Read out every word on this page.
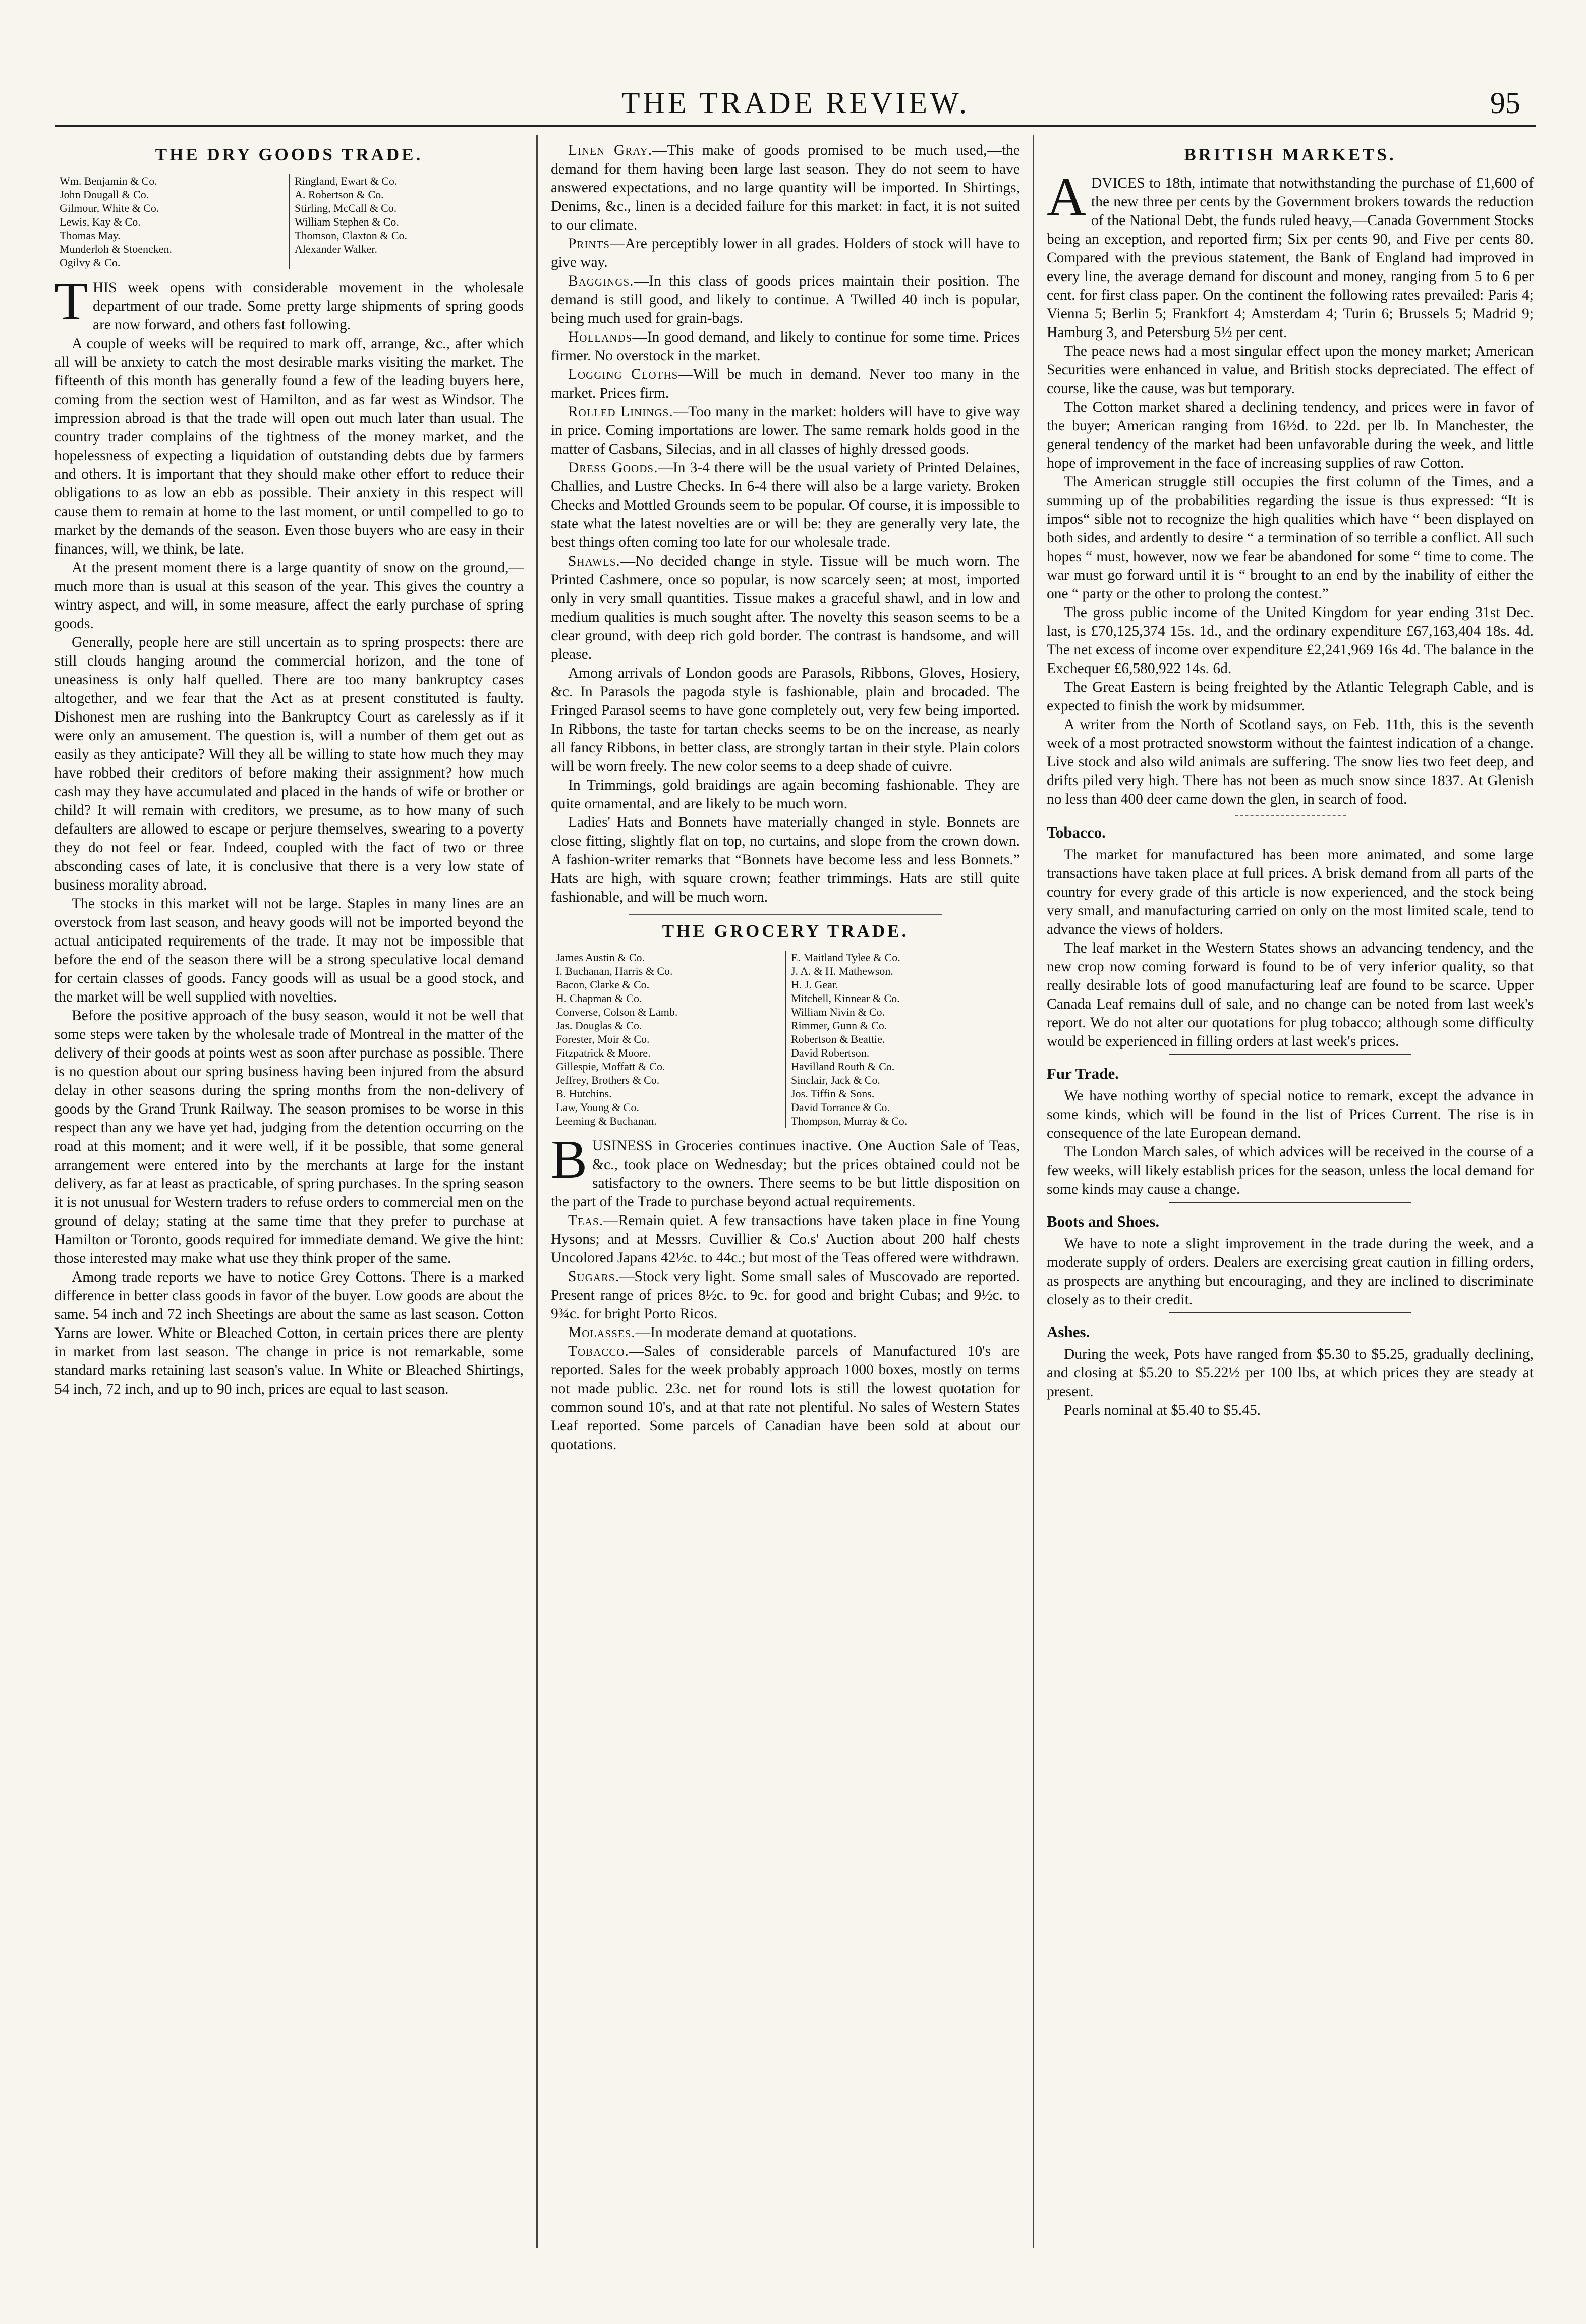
THE TRADE REVIEW.	95
THE DRY GOODS TRADE.
Wm. Benjamin & Co.
John Dougall & Co.
Gilmour, White & Co.
Lewis, Kay & Co.
Thomas May.
Munderloh & Stoencken.
Ogilvy & Co.
Ringland, Ewart & Co.
A. Robertson & Co.
Stirling, McCall & Co.
William Stephen & Co.
Thomson, Claxton & Co.
Alexander Walker.

THIS week opens with considerable movement in the wholesale department of our trade. Some pretty large shipments of spring goods are now forward, and others fast following.

A couple of weeks will be required to mark off, arrange, &c., after which all will be anxiety to catch the most desirable marks visiting the market. The fifteenth of this month has generally found a few of the leading buyers here, coming from the section west of Hamilton, and as far west as Windsor. The impression abroad is that the trade will open out much later than usual. The country trader complains of the tightness of the money market, and the hopelessness of expecting a liquidation of outstanding debts due by farmers and others. It is important that they should make other effort to reduce their obligations to as low an ebb as possible. Their anxiety in this respect will cause them to remain at home to the last moment, or until compelled to go to market by the demands of the season. Even those buyers who are easy in their finances, will, we think, be late.

At the present moment there is a large quantity of snow on the ground,—much more than is usual at this season of the year. This gives the country a wintry aspect, and will, in some measure, affect the early purchase of spring goods.

Generally, people here are still uncertain as to spring prospects: there are still clouds hanging around the commercial horizon, and the tone of uneasiness is only half quelled. There are too many bankruptcy cases altogether, and we fear that the Act as at present constituted is faulty. Dishonest men are rushing into the Bankruptcy Court as carelessly as if it were only an amusement. The question is, will a number of them get out as easily as they anticipate? Will they all be willing to state how much they may have robbed their creditors of before making their assignment? how much cash may they have accumulated and placed in the hands of wife or brother or child? It will remain with creditors, we presume, as to how many of such defaulters are allowed to escape or perjure themselves, swearing to a poverty they do not feel or fear. Indeed, coupled with the fact of two or three absconding cases of late, it is conclusive that there is a very low state of business morality abroad.

The stocks in this market will not be large. Staples in many lines are an overstock from last season, and heavy goods will not be imported beyond the actual anticipated requirements of the trade. It may not be impossible that before the end of the season there will be a strong speculative local demand for certain classes of goods. Fancy goods will as usual be a good stock, and the market will be well supplied with novelties.

Before the positive approach of the busy season, would it not be well that some steps were taken by the wholesale trade of Montreal in the matter of the delivery of their goods at points west as soon after purchase as possible. There is no question about our spring business having been injured from the absurd delay in other seasons during the spring months from the non-delivery of goods by the Grand Trunk Railway. The season promises to be worse in this respect than any we have yet had, judging from the detention occurring on the road at this moment; and it were well, if it be possible, that some general arrangement were entered into by the merchants at large for the instant delivery, as far at least as practicable, of spring purchases. In the spring season it is not unusual for Western traders to refuse orders to commercial men on the ground of delay; stating at the same time that they prefer to purchase at Hamilton or Toronto, goods required for immediate demand. We give the hint: those interested may make what use they think proper of the same.

Among trade reports we have to notice Grey Cottons. There is a marked difference in better class goods in favor of the buyer. Low goods are about the same. 54 inch and 72 inch Sheetings are about the same as last season. Cotton Yarns are lower. White or Bleached Cotton, in certain prices there are plenty in market from last season. The change in price is not remarkable, some standard marks retaining last season's value. In White or Bleached Shirtings, 54 inch, 72 inch, and up to 90 inch, prices are equal to last season.

Linen Gray.—This make of goods promised to be much used,—the demand for them having been large last season. They do not seem to have answered expectations, and no large quantity will be imported. In Shirtings, Denims, &c., linen is a decided failure for this market: in fact, it is not suited to our climate.

Prints—Are perceptibly lower in all grades. Holders of stock will have to give way.

Baggings.—In this class of goods prices maintain their position. The demand is still good, and likely to continue. A Twilled 40 inch is popular, being much used for grain-bags.

Hollands—In good demand, and likely to continue for some time. Prices firmer. No overstock in the market.

Logging Cloths—Will be much in demand. Never too many in the market. Prices firm.

Rolled Linings.—Too many in the market: holders will have to give way in price. Coming importations are lower. The same remark holds good in the matter of Casbans, Silecias, and in all classes of highly dressed goods.

Dress Goods.—In 3-4 there will be the usual variety of Printed Delaines, Challies, and Lustre Checks. In 6-4 there will also be a large variety. Broken Checks and Mottled Grounds seem to be popular. Of course, it is impossible to state what the latest novelties are or will be: they are generally very late, the best things often coming too late for our wholesale trade.

Shawls.—No decided change in style. Tissue will be much worn. The Printed Cashmere, once so popular, is now scarcely seen; at most, imported only in very small quantities. Tissue makes a graceful shawl, and in low and medium qualities is much sought after. The novelty this season seems to be a clear ground, with deep rich gold border. The contrast is handsome, and will please.

Among arrivals of London goods are Parasols, Ribbons, Gloves, Hosiery, &c. In Parasols the pagoda style is fashionable, plain and brocaded. The Fringed Parasol seems to have gone completely out, very few being imported. In Ribbons, the taste for tartan checks seems to be on the increase, as nearly all fancy Ribbons, in better class, are strongly tartan in their style. Plain colors will be worn freely. The new color seems to a deep shade of cuivre.

In Trimmings, gold braidings are again becoming fashionable. They are quite ornamental, and are likely to be much worn.

Ladies' Hats and Bonnets have materially changed in style. Bonnets are close fitting, slightly flat on top, no curtains, and slope from the crown down. A fashion-writer remarks that “Bonnets have become less and less Bonnets.” Hats are high, with square crown; feather trimmings. Hats are still quite fashionable, and will be much worn.

THE GROCERY TRADE.
James Austin & Co.
I. Buchanan, Harris & Co.
Bacon, Clarke & Co.
H. Chapman & Co.
Converse, Colson & Lamb.
Jas. Douglas & Co.
Forester, Moir & Co.
Fitzpatrick & Moore.
Gillespie, Moffatt & Co.
Jeffrey, Brothers & Co.
B. Hutchins.
Law, Young & Co.
Leeming & Buchanan.
E. Maitland Tylee & Co.
J. A. & H. Mathewson.
H. J. Gear.
Mitchell, Kinnear & Co.
William Nivin & Co.
Rimmer, Gunn & Co.
Robertson & Beattie.
David Robertson.
Havilland Routh & Co.
Sinclair, Jack & Co.
Jos. Tiffin & Sons.
David Torrance & Co.
Thompson, Murray & Co.

BUSINESS in Groceries continues inactive. One Auction Sale of Teas, &c., took place on Wednesday; but the prices obtained could not be satisfactory to the owners. There seems to be but little disposition on the part of the Trade to purchase beyond actual requirements.

Teas.—Remain quiet. A few transactions have taken place in fine Young Hysons; and at Messrs. Cuvillier & Co.s' Auction about 200 half chests Uncolored Japans 42½c. to 44c.; but most of the Teas offered were withdrawn.

Sugars.—Stock very light. Some small sales of Muscovado are reported. Present range of prices 8½c. to 9c. for good and bright Cubas; and 9½c. to 9¾c. for bright Porto Ricos.

Molasses.—In moderate demand at quotations.

Tobacco.—Sales of considerable parcels of Manufactured 10's are reported. Sales for the week probably approach 1000 boxes, mostly on terms not made public. 23c. net for round lots is still the lowest quotation for common sound 10's, and at that rate not plentiful. No sales of Western States Leaf reported. Some parcels of Canadian have been sold at about our quotations.

BRITISH MARKETS.

ADVICES to 18th, intimate that notwithstanding the purchase of £1,600 of the new three per cents by the Government brokers towards the reduction of the National Debt, the funds ruled heavy,—Canada Government Stocks being an exception, and reported firm; Six per cents 90, and Five per cents 80. Compared with the previous statement, the Bank of England had improved in every line, the average demand for discount and money, ranging from 5 to 6 per cent. for first class paper. On the continent the following rates prevailed: Paris 4; Vienna 5; Berlin 5; Frankfort 4; Amsterdam 4; Turin 6; Brussels 5; Madrid 9; Hamburg 3, and Petersburg 5½ per cent.

The peace news had a most singular effect upon the money market; American Securities were enhanced in value, and British stocks depreciated. The effect of course, like the cause, was but temporary.

The Cotton market shared a declining tendency, and prices were in favor of the buyer; American ranging from 16½d. to 22d. per lb. In Manchester, the general tendency of the market had been unfavorable during the week, and little hope of improvement in the face of increasing supplies of raw Cotton.

The American struggle still occupies the first column of the Times, and a summing up of the probabilities regarding the issue is thus expressed: “It is impos“ sible not to recognize the high qualities which have “ been displayed on both sides, and ardently to desire “ a termination of so terrible a conflict. All such hopes “ must, however, now we fear be abandoned for some “ time to come. The war must go forward until it is “ brought to an end by the inability of either the one “ party or the other to prolong the contest.”

The gross public income of the United Kingdom for year ending 31st Dec. last, is £70,125,374 15s. 1d., and the ordinary expenditure £67,163,404 18s. 4d. The net excess of income over expenditure £2,241,969 16s 4d. The balance in the Exchequer £6,580,922 14s. 6d.

The Great Eastern is being freighted by the Atlantic Telegraph Cable, and is expected to finish the work by midsummer.

A writer from the North of Scotland says, on Feb. 11th, this is the seventh week of a most protracted snowstorm without the faintest indication of a change. Live stock and also wild animals are suffering. The snow lies two feet deep, and drifts piled very high. There has not been as much snow since 1837. At Glenish no less than 400 deer came down the glen, in search of food.

Tobacco.

The market for manufactured has been more animated, and some large transactions have taken place at full prices. A brisk demand from all parts of the country for every grade of this article is now experienced, and the stock being very small, and manufacturing carried on only on the most limited scale, tend to advance the views of holders.

The leaf market in the Western States shows an advancing tendency, and the new crop now coming forward is found to be of very inferior quality, so that really desirable lots of good manufacturing leaf are found to be scarce. Upper Canada Leaf remains dull of sale, and no change can be noted from last week's report. We do not alter our quotations for plug tobacco; although some difficulty would be experienced in filling orders at last week's prices.

Fur Trade.

We have nothing worthy of special notice to remark, except the advance in some kinds, which will be found in the list of Prices Current. The rise is in consequence of the late European demand.

The London March sales, of which advices will be received in the course of a few weeks, will likely establish prices for the season, unless the local demand for some kinds may cause a change.

Boots and Shoes.

We have to note a slight improvement in the trade during the week, and a moderate supply of orders. Dealers are exercising great caution in filling orders, as prospects are anything but encouraging, and they are inclined to discriminate closely as to their credit.

Ashes.

During the week, Pots have ranged from $5.30 to $5.25, gradually declining, and closing at $5.20 to $5.22½ per 100 lbs, at which prices they are steady at present.

Pearls nominal at $5.40 to $5.45.
